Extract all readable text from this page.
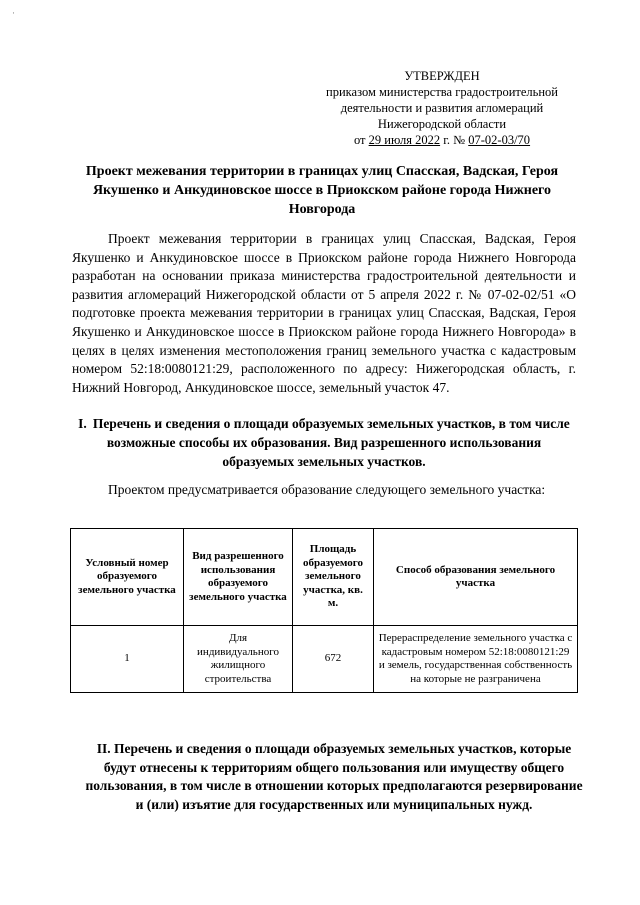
·
УТВЕРЖДЕН
приказом министерства градостроительной
деятельности и развития агломераций
Нижегородской области
от 29 июля 2022 г. № 07-02-03/70
Проект межевания территории в границах улиц Спасская, Вадская, Героя Якушенко и Анкудиновское шоссе в Приокском районе города Нижнего Новгорода
Проект межевания территории в границах улиц Спасская, Вадская, Героя Якушенко и Анкудиновское шоссе в Приокском районе города Нижнего Новгорода разработан на основании приказа министерства градостроительной деятельности и развития агломераций Нижегородской области от 5 апреля 2022 г. № 07-02-02/51 «О подготовке проекта межевания территории в границах улиц Спасская, Вадская, Героя Якушенко и Анкудиновское шоссе в Приокском районе города Нижнего Новгорода» в целях в целях изменения местоположения границ земельного участка с кадастровым номером 52:18:0080121:29, расположенного по адресу: Нижегородская область, г. Нижний Новгород, Анкудиновское шоссе, земельный участок 47.
I. Перечень и сведения о площади образуемых земельных участков, в том числе возможные способы их образования. Вид разрешенного использования образуемых земельных участков.
Проектом предусматривается образование следующего земельного участка:
Условный номер образуемого земельного участка	Вид разрешенного использования образуемого земельного участка	Площадь образуемого земельного участка, кв. м.	Способ образования земельного участка
1	Для индивидуального жилищного строительства	672	Перераспределение земельного участка с кадастровым номером 52:18:0080121:29 и земель, государственная собственность на которые не разграничена
II. Перечень и сведения о площади образуемых земельных участков, которые будут отнесены к территориям общего пользования или имуществу общего пользования, в том числе в отношении которых предполагаются резервирование и (или) изъятие для государственных или муниципальных нужд.
